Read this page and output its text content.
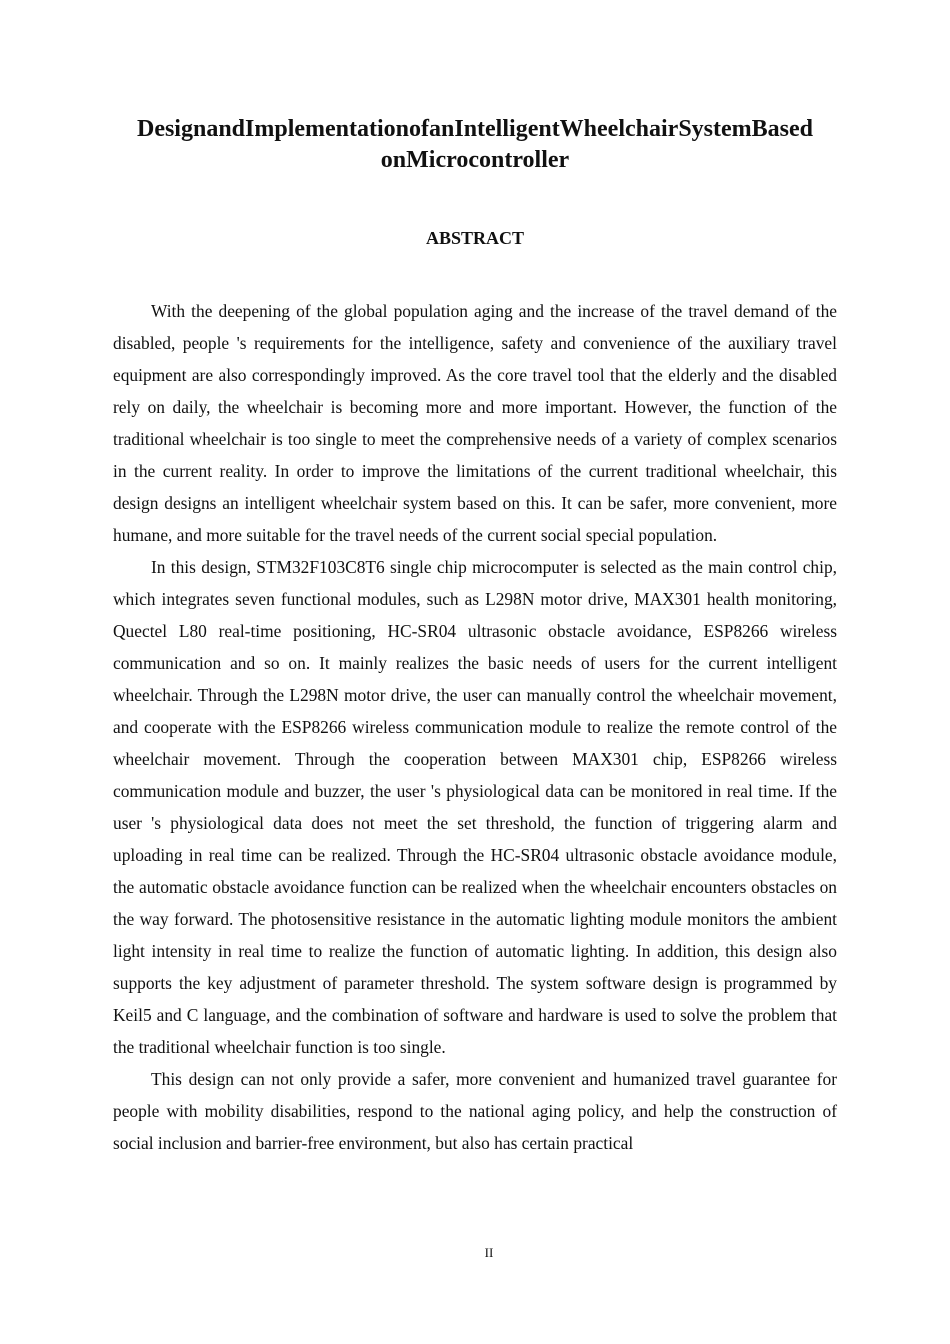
DesignandImplementationofanIntelligentWheelchairSystemBased onMicrocontroller
ABSTRACT

With the deepening of the global population aging and the increase of the travel demand of the disabled, people 's requirements for the intelligence, safety and convenience of the auxiliary travel equipment are also correspondingly improved. As the core travel tool that the elderly and the disabled rely on daily, the wheelchair is becoming more and more important. However, the function of the traditional wheelchair is too single to meet the comprehensive needs of a variety of complex scenarios in the current reality. In order to improve the limitations of the current traditional wheelchair, this design designs an intelligent wheelchair system based on this. It can be safer, more convenient, more humane, and more suitable for the travel needs of the current social special population.

In this design, STM32F103C8T6 single chip microcomputer is selected as the main control chip, which integrates seven functional modules, such as L298N motor drive, MAX301 health monitoring, Quectel L80 real-time positioning, HC-SR04 ultrasonic obstacle avoidance, ESP8266 wireless communication and so on. It mainly realizes the basic needs of users for the current intelligent wheelchair. Through the L298N motor drive, the user can manually control the wheelchair movement, and cooperate with the ESP8266 wireless communication module to realize the remote control of the wheelchair movement. Through the cooperation between MAX301 chip, ESP8266 wireless communication module and buzzer, the user 's physiological data can be monitored in real time. If the user 's physiological data does not meet the set threshold, the function of triggering alarm and uploading in real time can be realized. Through the HC-SR04 ultrasonic obstacle avoidance module, the automatic obstacle avoidance function can be realized when the wheelchair encounters obstacles on the way forward. The photosensitive resistance in the automatic lighting module monitors the ambient light intensity in real time to realize the function of automatic lighting. In addition, this design also supports the key adjustment of parameter threshold. The system software design is programmed by Keil5 and C language, and the combination of software and hardware is used to solve the problem that the traditional wheelchair function is too single.

This design can not only provide a safer, more convenient and humanized travel guarantee for people with mobility disabilities, respond to the national aging policy, and help the construction of social inclusion and barrier-free environment, but also has certain practical

II
